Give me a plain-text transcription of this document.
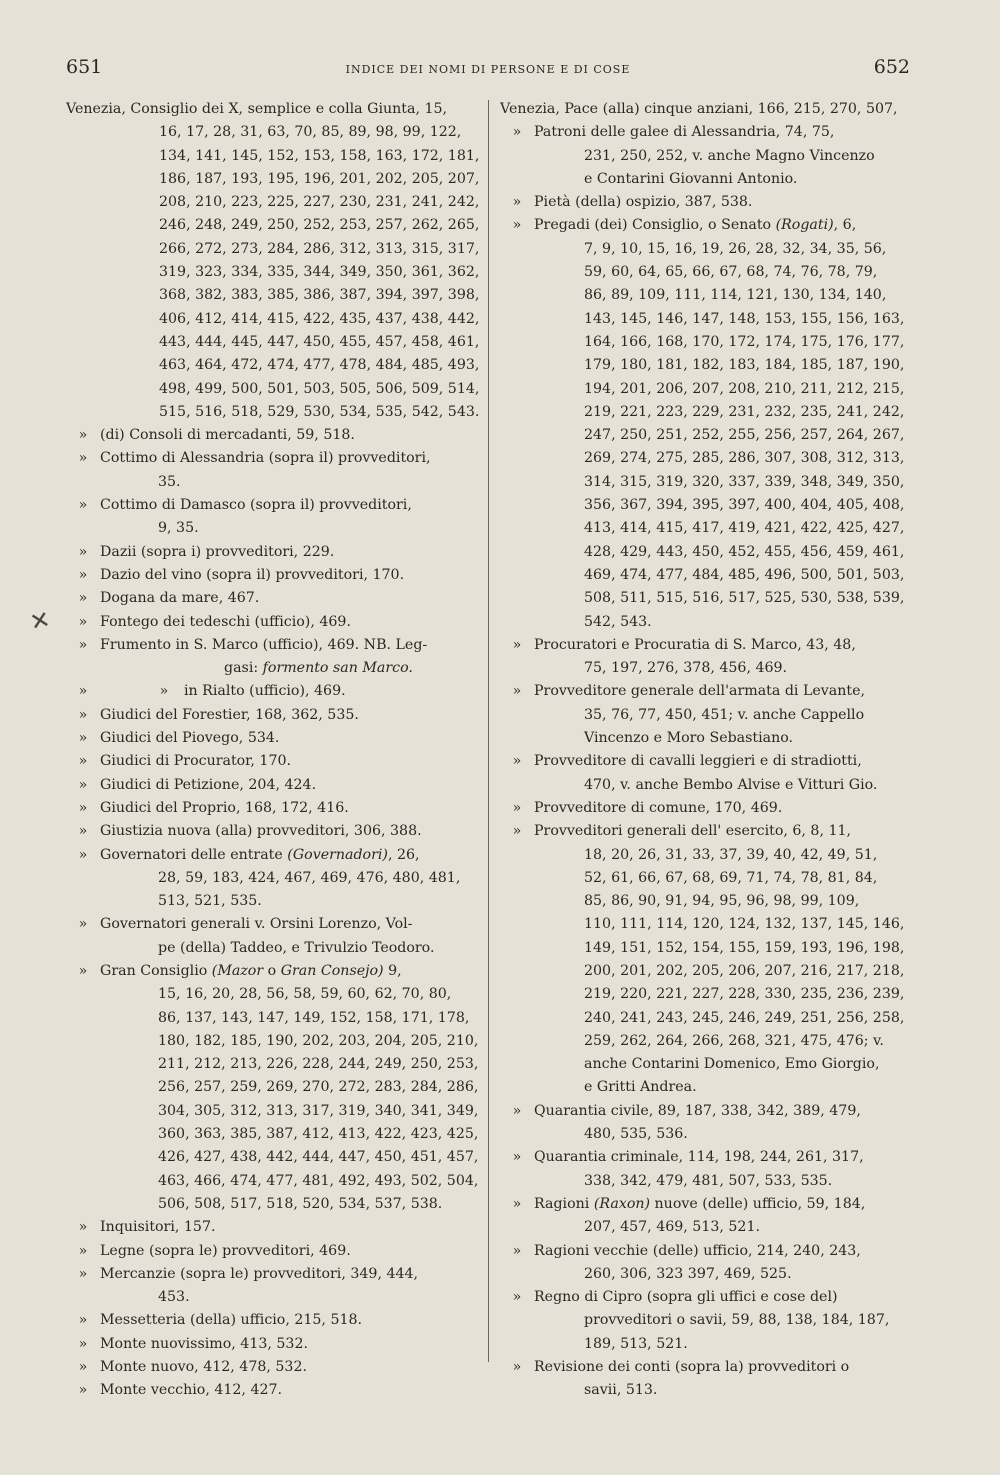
651	INDICE DEI NOMI DI PERSONE E DI COSE	652
✕
Venezia, Consiglio dei X, semplice e colla Giunta, 15,
16, 17, 28, 31, 63, 70, 85, 89, 98, 99, 122,
134, 141, 145, 152, 153, 158, 163, 172, 181,
186, 187, 193, 195, 196, 201, 202, 205, 207,
208, 210, 223, 225, 227, 230, 231, 241, 242,
246, 248, 249, 250, 252, 253, 257, 262, 265,
266, 272, 273, 284, 286, 312, 313, 315, 317,
319, 323, 334, 335, 344, 349, 350, 361, 362,
368, 382, 383, 385, 386, 387, 394, 397, 398,
406, 412, 414, 415, 422, 435, 437, 438, 442,
443, 444, 445, 447, 450, 455, 457, 458, 461,
463, 464, 472, 474, 477, 478, 484, 485, 493,
498, 499, 500, 501, 503, 505, 506, 509, 514,
515, 516, 518, 529, 530, 534, 535, 542, 543.
» (di) Consoli di mercadanti, 59, 518.
» Cottimo di Alessandria (sopra il) provveditori,
35.
» Cottimo di Damasco (sopra il) provveditori,
9, 35.
» Dazii (sopra i) provveditori, 229.
» Dazio del vino (sopra il) provveditori, 170.
» Dogana da mare, 467.
» Fontego dei tedeschi (ufficio), 469.
» Frumento in S. Marco (ufficio), 469. NB. Leg-
gasi: formento san Marco.
»	»	in Rialto (ufficio), 469.
» Giudici del Forestier, 168, 362, 535.
» Giudici del Piovego, 534.
» Giudici di Procurator, 170.
» Giudici di Petizione, 204, 424.
» Giudici del Proprio, 168, 172, 416.
» Giustizia nuova (alla) provveditori, 306, 388.
» Governatori delle entrate (Governadori), 26,
28, 59, 183, 424, 467, 469, 476, 480, 481,
513, 521, 535.
» Governatori generali v. Orsini Lorenzo, Vol-
pe (della) Taddeo, e Trivulzio Teodoro.
» Gran Consiglio (Mazor o Gran Consejo) 9,
15, 16, 20, 28, 56, 58, 59, 60, 62, 70, 80,
86, 137, 143, 147, 149, 152, 158, 171, 178,
180, 182, 185, 190, 202, 203, 204, 205, 210,
211, 212, 213, 226, 228, 244, 249, 250, 253,
256, 257, 259, 269, 270, 272, 283, 284, 286,
304, 305, 312, 313, 317, 319, 340, 341, 349,
360, 363, 385, 387, 412, 413, 422, 423, 425,
426, 427, 438, 442, 444, 447, 450, 451, 457,
463, 466, 474, 477, 481, 492, 493, 502, 504,
506, 508, 517, 518, 520, 534, 537, 538.
» Inquisitori, 157.
» Legne (sopra le) provveditori, 469.
» Mercanzie (sopra le) provveditori, 349, 444,
453.
» Messetteria (della) ufficio, 215, 518.
» Monte nuovissimo, 413, 532.
» Monte nuovo, 412, 478, 532.
» Monte vecchio, 412, 427.
Venezia, Pace (alla) cinque anziani, 166, 215, 270, 507,
» Patroni delle galee di Alessandria, 74, 75,
231, 250, 252, v. anche Magno Vincenzo
e Contarini Giovanni Antonio.
» Pietà (della) ospizio, 387, 538.
» Pregadi (dei) Consiglio, o Senato (Rogati), 6,
7, 9, 10, 15, 16, 19, 26, 28, 32, 34, 35, 56,
59, 60, 64, 65, 66, 67, 68, 74, 76, 78, 79,
86, 89, 109, 111, 114, 121, 130, 134, 140,
143, 145, 146, 147, 148, 153, 155, 156, 163,
164, 166, 168, 170, 172, 174, 175, 176, 177,
179, 180, 181, 182, 183, 184, 185, 187, 190,
194, 201, 206, 207, 208, 210, 211, 212, 215,
219, 221, 223, 229, 231, 232, 235, 241, 242,
247, 250, 251, 252, 255, 256, 257, 264, 267,
269, 274, 275, 285, 286, 307, 308, 312, 313,
314, 315, 319, 320, 337, 339, 348, 349, 350,
356, 367, 394, 395, 397, 400, 404, 405, 408,
413, 414, 415, 417, 419, 421, 422, 425, 427,
428, 429, 443, 450, 452, 455, 456, 459, 461,
469, 474, 477, 484, 485, 496, 500, 501, 503,
508, 511, 515, 516, 517, 525, 530, 538, 539,
542, 543.
» Procuratori e Procuratia di S. Marco, 43, 48,
75, 197, 276, 378, 456, 469.
» Provveditore generale dell'armata di Levante,
35, 76, 77, 450, 451; v. anche Cappello
Vincenzo e Moro Sebastiano.
» Provveditore di cavalli leggieri e di stradiotti,
470, v. anche Bembo Alvise e Vitturi Gio.
» Provveditore di comune, 170, 469.
» Provveditori generali dell' esercito, 6, 8, 11,
18, 20, 26, 31, 33, 37, 39, 40, 42, 49, 51,
52, 61, 66, 67, 68, 69, 71, 74, 78, 81, 84,
85, 86, 90, 91, 94, 95, 96, 98, 99, 109,
110, 111, 114, 120, 124, 132, 137, 145, 146,
149, 151, 152, 154, 155, 159, 193, 196, 198,
200, 201, 202, 205, 206, 207, 216, 217, 218,
219, 220, 221, 227, 228, 330, 235, 236, 239,
240, 241, 243, 245, 246, 249, 251, 256, 258,
259, 262, 264, 266, 268, 321, 475, 476; v.
anche Contarini Domenico, Emo Giorgio,
e Gritti Andrea.
» Quarantia civile, 89, 187, 338, 342, 389, 479,
480, 535, 536.
» Quarantia criminale, 114, 198, 244, 261, 317,
338, 342, 479, 481, 507, 533, 535.
» Ragioni (Raxon) nuove (delle) ufficio, 59, 184,
207, 457, 469, 513, 521.
» Ragioni vecchie (delle) ufficio, 214, 240, 243,
260, 306, 323 397, 469, 525.
» Regno di Cipro (sopra gli uffici e cose del)
provveditori o savii, 59, 88, 138, 184, 187,
189, 513, 521.
» Revisione dei conti (sopra la) provveditori o
savii, 513.
